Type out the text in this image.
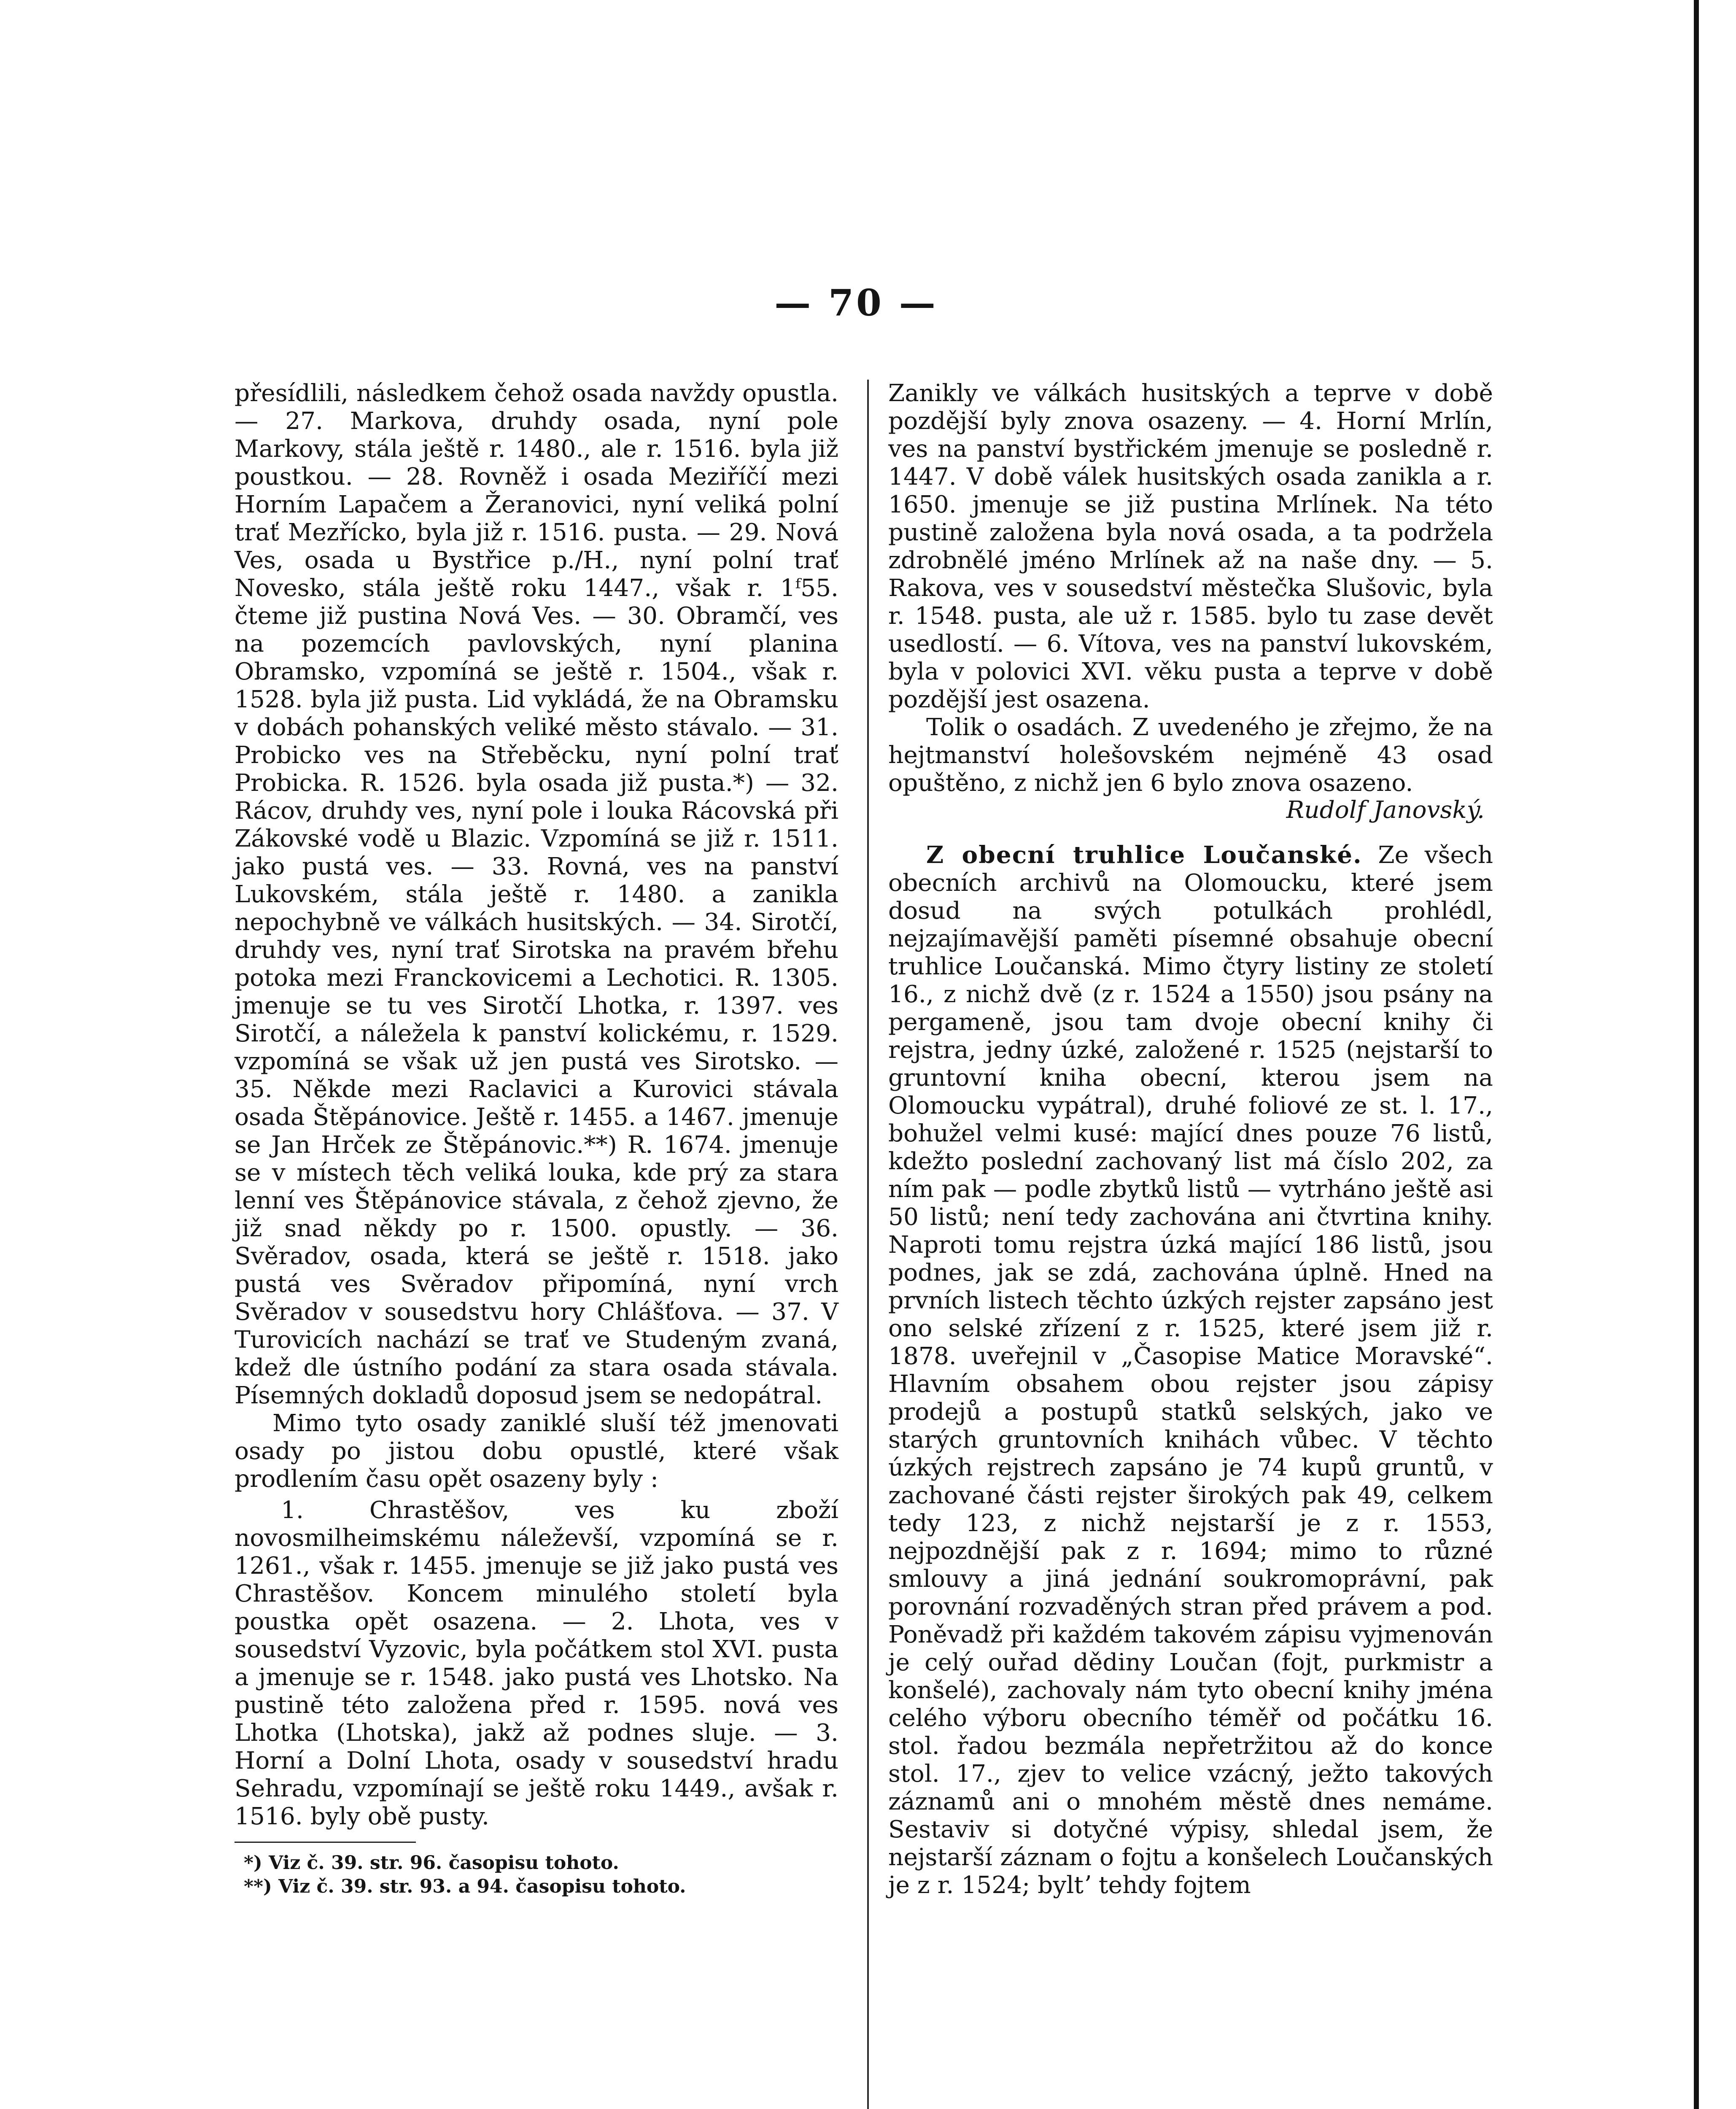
— 70 —

přesídlili, následkem čehož osada navždy opustla. — 27. Markova, druhdy osada, nyní pole Markovy, stála ještě r. 1480., ale r. 1516. byla již poustkou. — 28. Rovněž i osada Meziříčí mezi Horním Lapačem a Žeranovici, nyní veliká polní trať Mezřícko, byla již r. 1516. pusta. — 29. Nová Ves, osada u Bystřice p./H., nyní polní trať Novesko, stála ještě roku 1447., však r. 1ᶠ55. čteme již pustina Nová Ves. — 30. Obramčí, ves na pozemcích pavlovských, nyní planina Obramsko, vzpomíná se ještě r. 1504., však r. 1528. byla již pusta. Lid vykládá, že na Obramsku v dobách pohanských veliké město stávalo. — 31. Probicko ves na Střeběcku, nyní polní trať Probicka. R. 1526. byla osada již pusta.*) — 32. Rácov, druhdy ves, nyní pole i louka Rácovská při Zákovské vodě u Blazic. Vzpomíná se již r. 1511. jako pustá ves. — 33. Rovná, ves na panství Lukovském, stála ještě r. 1480. a zanikla nepochybně ve válkách husitských. — 34. Sirotčí, druhdy ves, nyní trať Sirotska na pravém břehu potoka mezi Franckovicemi a Lechotici. R. 1305. jmenuje se tu ves Sirotčí Lhotka, r. 1397. ves Sirotčí, a náležela k panství kolickému, r. 1529. vzpomíná se však už jen pustá ves Sirotsko. — 35. Někde mezi Raclavici a Kurovici stávala osada Štěpánovice. Ještě r. 1455. a 1467. jmenuje se Jan Hrček ze Štěpánovic.**) R. 1674. jmenuje se v místech těch veliká louka, kde prý za stara lenní ves Štěpánovice stávala, z čehož zjevno, že již snad někdy po r. 1500. opustly. — 36. Svěradov, osada, která se ještě r. 1518. jako pustá ves Svěradov připomíná, nyní vrch Svěradov v sousedstvu hory Chlášťova. — 37. V Turovicích nachází se trať ve Studeným zvaná, kdež dle ústního podání za stara osada stávala. Písemných dokladů doposud jsem se nedopátral.

Mimo tyto osady zaniklé sluší též jmenovati osady po jistou dobu opustlé, které však prodlením času opět osazeny byly :

1. Chrastěšov, ves ku zboží novosmilheimskému náleževší, vzpomíná se r. 1261., však r. 1455. jmenuje se již jako pustá ves Chrastěšov. Koncem minulého století byla poustka opět osazena. — 2. Lhota, ves v sousedství Vyzovic, byla počátkem stol XVI. pusta a jmenuje se r. 1548. jako pustá ves Lhotsko. Na pustině této založena před r. 1595. nová ves Lhotka (Lhotska), jakž až podnes sluje. — 3. Horní a Dolní Lhota, osady v sousedství hradu Sehradu, vzpomínají se ještě roku 1449., avšak r. 1516. byly obě pusty.

*) Viz č. 39. str. 96. časopisu tohoto.
**) Viz č. 39. str. 93. a 94. časopisu tohoto.

Zanikly ve válkách husitských a teprve v době pozdější byly znova osazeny. — 4. Horní Mrlín, ves na panství bystřickém jmenuje se posledně r. 1447. V době válek husitských osada zanikla a r. 1650. jmenuje se již pustina Mrlínek. Na této pustině založena byla nová osada, a ta podržela zdrobnělé jméno Mrlínek až na naše dny. — 5. Rakova, ves v sousedství městečka Slušovic, byla r. 1548. pusta, ale už r. 1585. bylo tu zase devět usedlostí. — 6. Vítova, ves na panství lukovském, byla v polovici XVI. věku pusta a teprve v době pozdější jest osazena.

Tolik o osadách. Z uvedeného je zřejmo, že na hejtmanství holešovském nejméně 43 osad opuštěno, z nichž jen 6 bylo znova osazeno.

Rudolf Janovský.

Z obecní truhlice Loučanské. Ze všech obecních archivů na Olomoucku, které jsem dosud na svých potulkách prohlédl, nejzajímavější paměti písemné obsahuje obecní truhlice Loučanská. Mimo čtyry listiny ze století 16., z nichž dvě (z r. 1524 a 1550) jsou psány na pergameně, jsou tam dvoje obecní knihy či rejstra, jedny úzké, založené r. 1525 (nejstarší to gruntovní kniha obecní, kterou jsem na Olomoucku vypátral), druhé foliové ze st. l. 17., bohužel velmi kusé: mající dnes pouze 76 listů, kdežto poslední zachovaný list má číslo 202, za ním pak — podle zbytků listů — vytrháno ještě asi 50 listů; není tedy zachována ani čtvrtina knihy. Naproti tomu rejstra úzká mající 186 listů, jsou podnes, jak se zdá, zachována úplně. Hned na prvních listech těchto úzkých rejster zapsáno jest ono selské zřízení z r. 1525, které jsem již r. 1878. uveřejnil v „Časopise Matice Moravské“. Hlavním obsahem obou rejster jsou zápisy prodejů a postupů statků selských, jako ve starých gruntovních knihách vůbec. V těchto úzkých rejstrech zapsáno je 74 kupů gruntů, v zachované části rejster širokých pak 49, celkem tedy 123, z nichž nejstarší je z r. 1553, nejpozdnější pak z r. 1694; mimo to různé smlouvy a jiná jednání soukromoprávní, pak porovnání rozvaděných stran před právem a pod. Poněvadž při každém takovém zápisu vyjmenován je celý ouřad dědiny Loučan (fojt, purkmistr a konšelé), zachovaly nám tyto obecní knihy jména celého výboru obecního téměř od počátku 16. stol. řadou bezmála nepřetržitou až do konce stol. 17., zjev to velice vzácný, ježto takových záznamů ani o mnohém městě dnes nemáme. Sestaviv si dotyčné výpisy, shledal jsem, že nejstarší záznam o fojtu a konšelech Loučanských je z r. 1524; byltʼ tehdy fojtem
